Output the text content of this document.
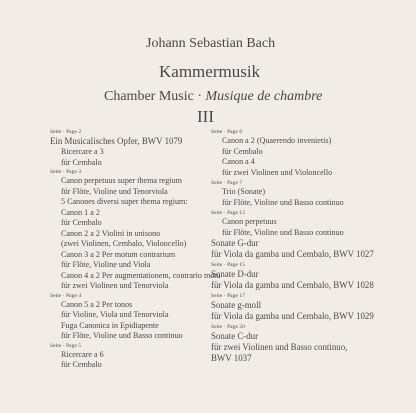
Johann Sebastian Bach
Kammermusik
Chamber Music · Musique de chambre
III
Seite · Page 2
Ein Musicalisches Opfer, BWV 1079
Ricercare a 3
für Cembalo
Seite · Page 3
Canon perpetuus super thema regium
für Flöte, Violine und Tenorviola
5 Canones diversi super thema regium:
Canon 1 a 2
für Cembalo
Canon 2 a 2 Violini in unisono
(zwei Violinen, Cembalo, Violoncello)
Canon 3 a 2 Per motum contrarium
für Flöte, Violine und Viola
Canon 4 a 2 Per augmentationem, contrario motu
für zwei Violinen und Tenorviola
Seite · Page 4
Canon 5 a 2 Per tonos
für Violine, Viola und Tenorviola
Fuga Canonica in Epidiapente
für Flöte, Violine und Basso continuo
Seite · Page 5
Ricercare a 6
für Cembalo
Seite · Page 6
Canon a 2 (Quaerendo invenietis)
für Cembalo
Canon a 4
für zwei Violinen und Violoncello
Seite · Page 7
Trio (Sonate)
für Flöte, Violine und Basso continuo
Seite · Page 12
Canon perpetuus
für Flöte, Violine und Basso continuo
Sonate G-dur
für Viola da gamba und Cembalo, BWV 1027
Seite · Page 15
Sonate D-dur
für Viola da gamba und Cembalo, BWV 1028
Seite · Page 17
Sonate g-moll
für Viola da gamba und Cembalo, BWV 1029
Seite · Page 20
Sonate C-dur
für zwei Violinen und Basso continuo,
BWV 1037
